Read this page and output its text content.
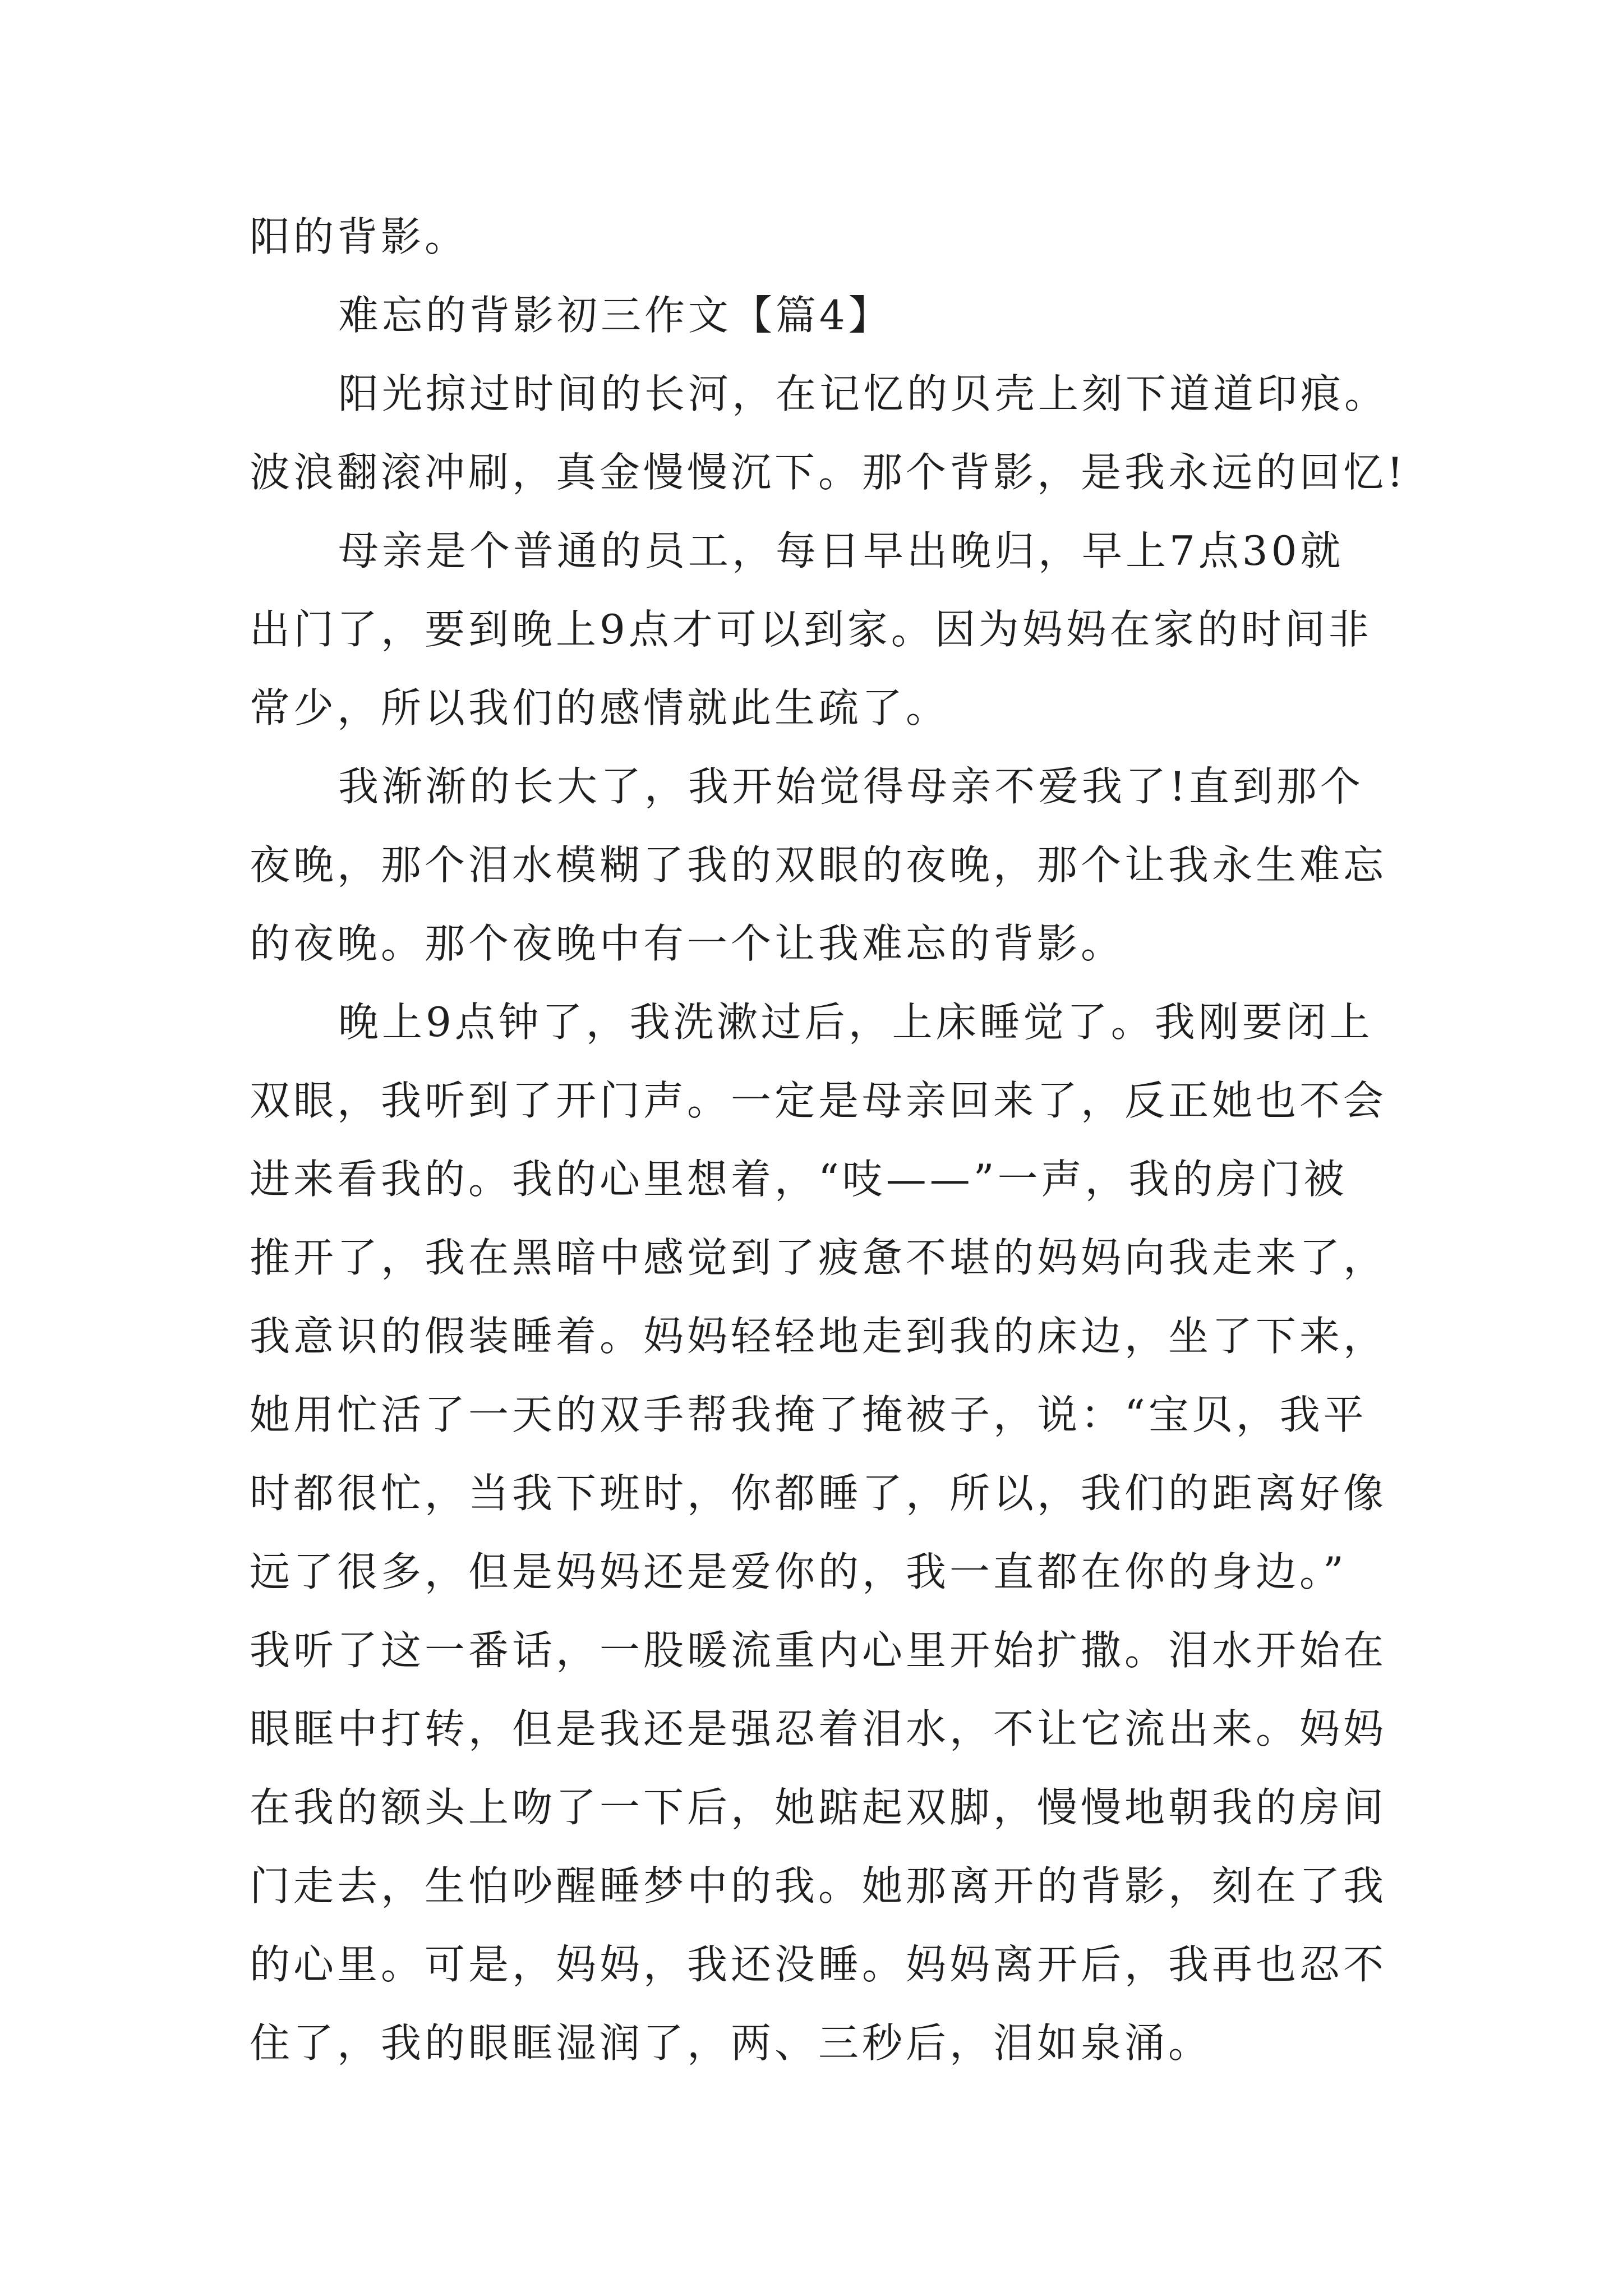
阳的背影。
难忘的背影初三作文【篇4】
阳光掠过时间的长河，在记忆的贝壳上刻下道道印痕。
波浪翻滚冲刷，真金慢慢沉下。那个背影，是我永远的回忆!
母亲是个普通的员工，每日早出晚归，早上7点30就
出门了，要到晚上9点才可以到家。因为妈妈在家的时间非
常少，所以我们的感情就此生疏了。
我渐渐的长大了，我开始觉得母亲不爱我了!直到那个
夜晚，那个泪水模糊了我的双眼的夜晚，那个让我永生难忘
的夜晚。那个夜晚中有一个让我难忘的背影。
晚上9点钟了，我洗漱过后，上床睡觉了。我刚要闭上
双眼，我听到了开门声。一定是母亲回来了，反正她也不会
进来看我的。我的心里想着，“吱——”一声，我的房门被
推开了，我在黑暗中感觉到了疲惫不堪的妈妈向我走来了，
我意识的假装睡着。妈妈轻轻地走到我的床边，坐了下来，
她用忙活了一天的双手帮我掩了掩被子，说：“宝贝，我平
时都很忙，当我下班时，你都睡了，所以，我们的距离好像
远了很多，但是妈妈还是爱你的，我一直都在你的身边。”
我听了这一番话，一股暖流重内心里开始扩撒。泪水开始在
眼眶中打转，但是我还是强忍着泪水，不让它流出来。妈妈
在我的额头上吻了一下后，她踮起双脚，慢慢地朝我的房间
门走去，生怕吵醒睡梦中的我。她那离开的背影，刻在了我
的心里。可是，妈妈，我还没睡。妈妈离开后，我再也忍不
住了，我的眼眶湿润了，两、三秒后，泪如泉涌。
